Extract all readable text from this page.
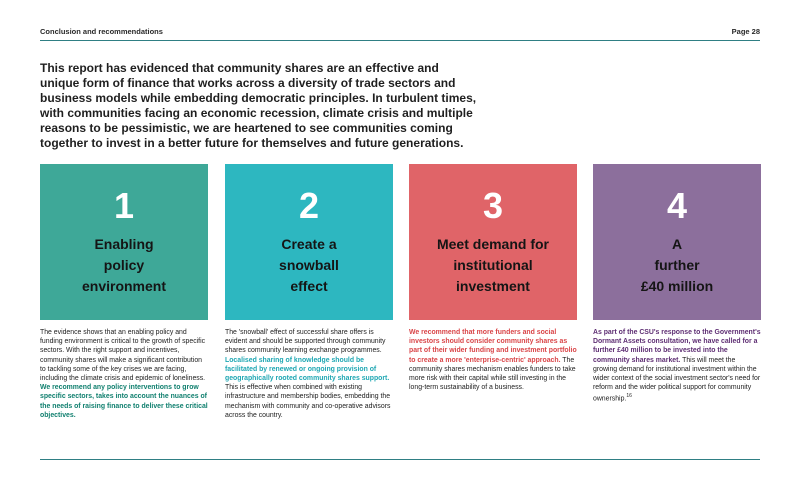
Conclusion and recommendations	Page 28

This report has evidenced that community shares are an effective and unique form of finance that works across a diversity of trade sectors and business models while embedding democratic principles. In turbulent times, with communities facing an economic recession, climate crisis and multiple reasons to be pessimistic, we are heartened to see communities coming together to invest in a better future for themselves and future generations.

1
Enabling
policy
environment
2
Create a
snowball
effect
3
Meet demand for
institutional
investment
4
A
further
£40 million

The evidence shows that an enabling policy and funding environment is critical to the growth of specific sectors. With the right support and incentives, community shares will make a significant contribution to tackling some of the key crises we are facing, including the climate crisis and epidemic of loneliness. We recommend any policy interventions to grow specific sectors, takes into account the nuances of the needs of raising finance to deliver these critical objectives.

The 'snowball' effect of successful share offers is evident and should be supported through community shares community learning exchange programmes. Localised sharing of knowledge should be facilitated by renewed or ongoing provision of geographically rooted community shares support. This is effective when combined with existing infrastructure and membership bodies, embedding the mechanism with community and co-operative advisors across the country.

We recommend that more funders and social investors should consider community shares as part of their wider funding and investment portfolio to create a more 'enterprise-centric' approach. The community shares mechanism enables funders to take more risk with their capital while still investing in the long-term sustainability of a business.

As part of the CSU's response to the Government's Dormant Assets consultation, we have called for a further £40 million to be invested into the community shares market. This will meet the growing demand for institutional investment within the wider context of the social investment sector's need for reform and the wider political support for community ownership.$^{16}$
